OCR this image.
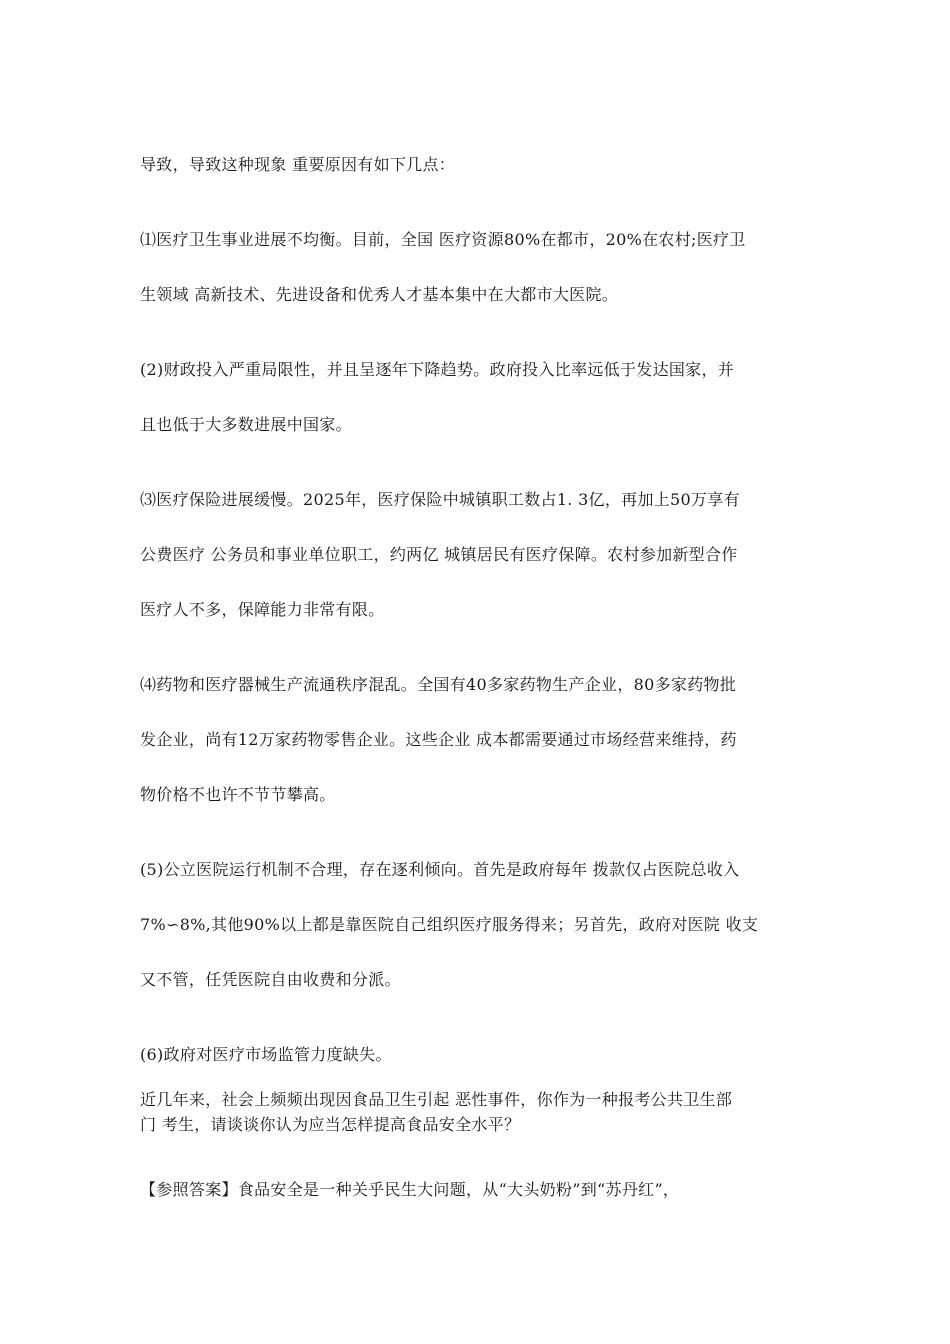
导致，导致这种现象 重要原因有如下几点：
⑴医疗卫生事业进展不均衡。目前，全国 医疗资源80%在都市，20%在农村;医疗卫
生领域 高新技术、先进设备和优秀人才基本集中在大都市大医院。
(2)财政投入严重局限性，并且呈逐年下降趋势。政府投入比率远低于发达国家，并
且也低于大多数进展中国家。
⑶医疗保险进展缓慢。2025年，医疗保险中城镇职工数占1. 3亿，再加上50万享有
公费医疗 公务员和事业单位职工，约两亿 城镇居民有医疗保障。农村参加新型合作
医疗人不多，保障能力非常有限。
⑷药物和医疗器械生产流通秩序混乱。全国有40多家药物生产企业，80多家药物批
发企业，尚有12万家药物零售企业。这些企业 成本都需要通过市场经营来维持，药
物价格不也许不节节攀高。
(5)公立医院运行机制不合理，存在逐利倾向。首先是政府每年 拨款仅占医院总收入
7%∽8%,其他90%以上都是靠医院自己组织医疗服务得来；另首先，政府对医院 收支
又不管，任凭医院自由收费和分派。
(6)政府对医疗市场监管力度缺失。
近几年来，社会上频频出现因食品卫生引起 恶性事件，你作为一种报考公共卫生部
门 考生，请谈谈你认为应当怎样提高食品安全水平？
【参照答案】食品安全是一种关乎民生大问题，从“大头奶粉”到“苏丹红”，
